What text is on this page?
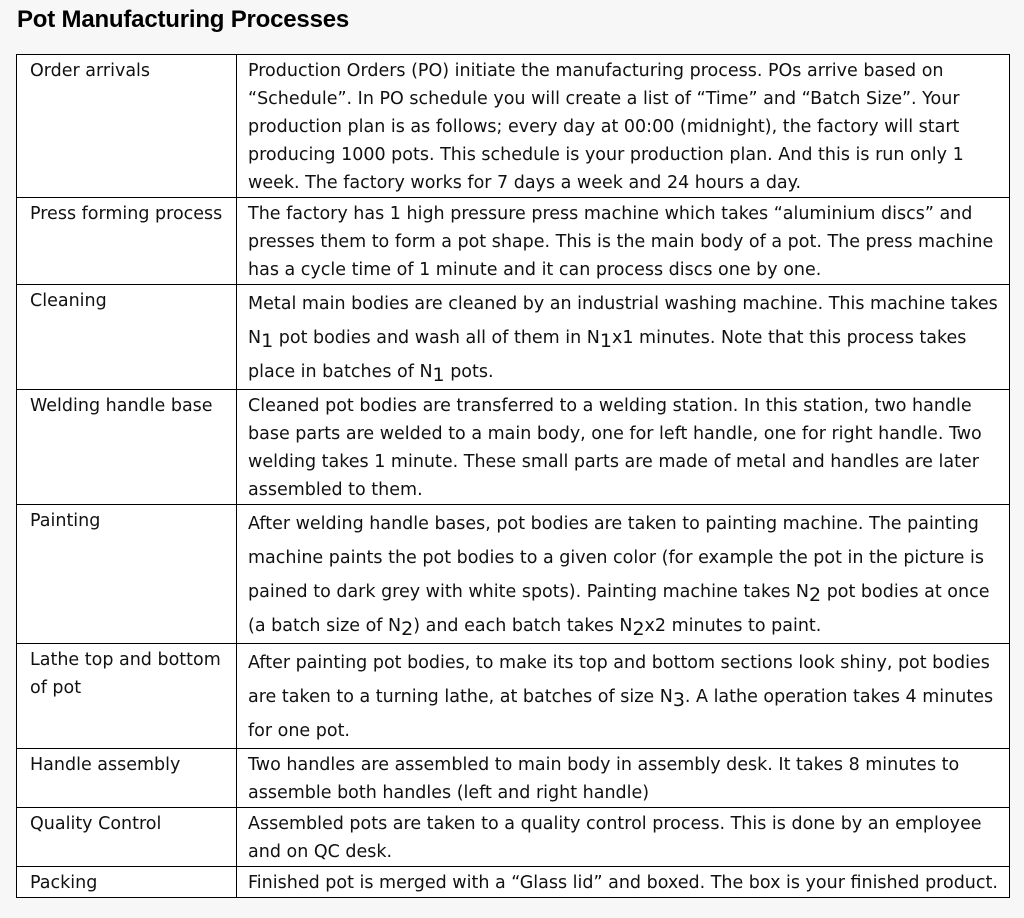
Pot Manufacturing Processes
Order arrivals	Production Orders (PO) initiate the manufacturing process. POs arrive based on “Schedule”. In PO schedule you will create a list of “Time” and “Batch Size”. Your production plan is as follows; every day at 00:00 (midnight), the factory will start producing 1000 pots. This schedule is your production plan. And this is run only 1 week. The factory works for 7 days a week and 24 hours a day.
Press forming process	The factory has 1 high pressure press machine which takes “aluminium discs” and presses them to form a pot shape. This is the main body of a pot. The press machine has a cycle time of 1 minute and it can process discs one by one.
Cleaning	Metal main bodies are cleaned by an industrial washing machine. This machine takes N1 pot bodies and wash all of them in N1x1 minutes. Note that this process takes place in batches of N1 pots.
Welding handle base	Cleaned pot bodies are transferred to a welding station. In this station, two handle base parts are welded to a main body, one for left handle, one for right handle. Two welding takes 1 minute. These small parts are made of metal and handles are later assembled to them.
Painting	After welding handle bases, pot bodies are taken to painting machine. The painting machine paints the pot bodies to a given color (for example the pot in the picture is pained to dark grey with white spots). Painting machine takes N2 pot bodies at once (a batch size of N2) and each batch takes N2x2 minutes to paint.
Lathe top and bottom of pot	After painting pot bodies, to make its top and bottom sections look shiny, pot bodies are taken to a turning lathe, at batches of size N3. A lathe operation takes 4 minutes for one pot.
Handle assembly	Two handles are assembled to main body in assembly desk. It takes 8 minutes to assemble both handles (left and right handle)
Quality Control	Assembled pots are taken to a quality control process. This is done by an employee and on QC desk.
Packing	Finished pot is merged with a “Glass lid” and boxed. The box is your finished product.
